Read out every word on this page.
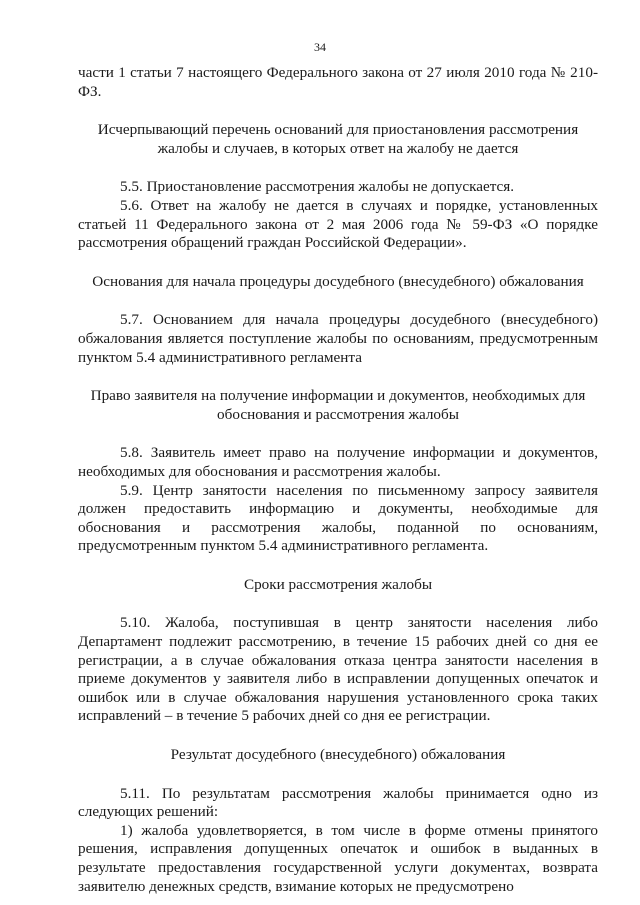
34
части 1 статьи 7 настоящего Федерального закона от 27 июля 2010 года № 210-ФЗ.
Исчерпывающий перечень оснований для приостановления рассмотрения жалобы и случаев, в которых ответ на жалобу не дается
5.5. Приостановление рассмотрения жалобы не допускается.
5.6. Ответ на жалобу не дается в случаях и порядке, установленных статьей 11 Федерального закона от 2 мая 2006 года № 59-ФЗ «О порядке рассмотрения обращений граждан Российской Федерации».
Основания для начала процедуры досудебного (внесудебного) обжалования
5.7. Основанием для начала процедуры досудебного (внесудебного) обжалования является поступление жалобы по основаниям, предусмотренным пунктом 5.4 административного регламента
Право заявителя на получение информации и документов, необходимых для обоснования и рассмотрения жалобы
5.8. Заявитель имеет право на получение информации и документов, необходимых для обоснования и рассмотрения жалобы.
5.9. Центр занятости населения по письменному запросу заявителя должен предоставить информацию и документы, необходимые для обоснования и рассмотрения жалобы, поданной по основаниям, предусмотренным пунктом 5.4 административного регламента.
Сроки рассмотрения жалобы
5.10. Жалоба, поступившая в центр занятости населения либо Департамент подлежит рассмотрению, в течение 15 рабочих дней со дня ее регистрации, а в случае обжалования отказа центра занятости населения в приеме документов у заявителя либо в исправлении допущенных опечаток и ошибок или в случае обжалования нарушения установленного срока таких исправлений – в течение 5 рабочих дней со дня ее регистрации.
Результат досудебного (внесудебного) обжалования
5.11. По результатам рассмотрения жалобы принимается одно из следующих решений:
1) жалоба удовлетворяется, в том числе в форме отмены принятого решения, исправления допущенных опечаток и ошибок в выданных в результате предоставления государственной услуги документах, возврата заявителю денежных средств, взимание которых не предусмотрено
